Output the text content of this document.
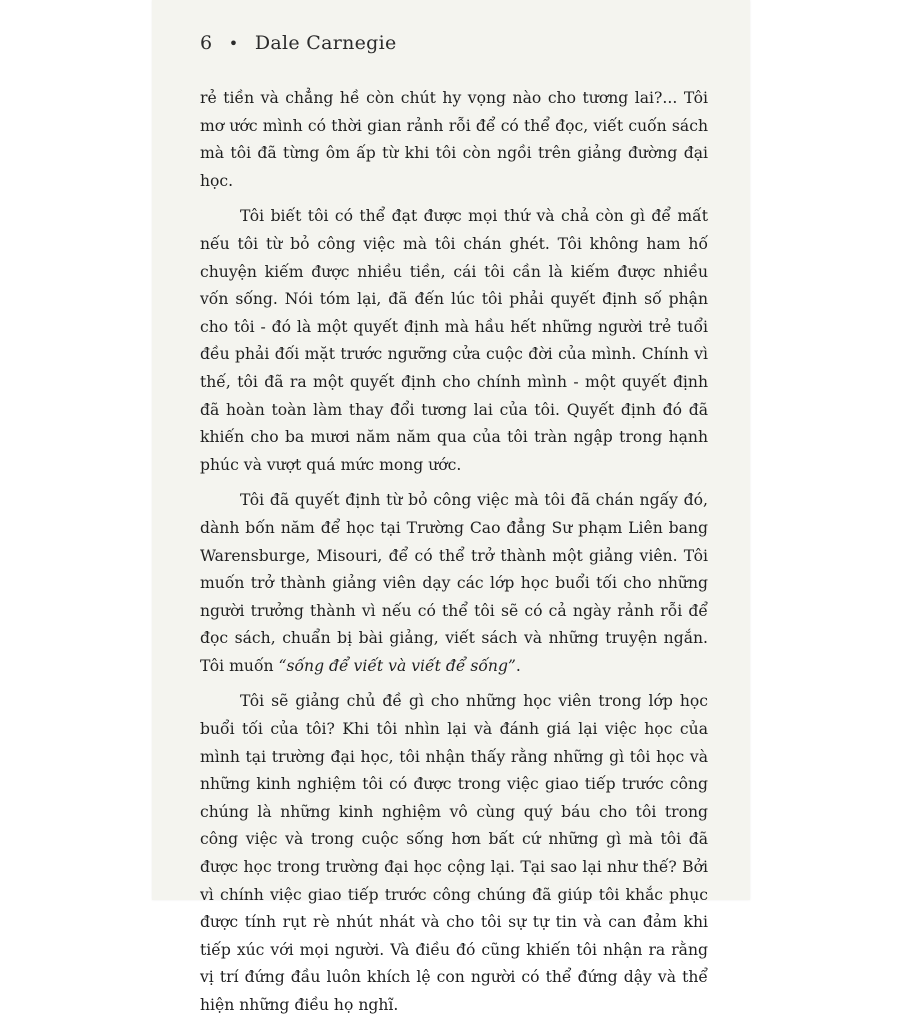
6 • Dale Carnegie

rẻ tiền và chẳng hề còn chút hy vọng nào cho tương lai?... Tôi mơ ước mình có thời gian rảnh rỗi để có thể đọc, viết cuốn sách mà tôi đã từng ôm ấp từ khi tôi còn ngồi trên giảng đường đại học.

Tôi biết tôi có thể đạt được mọi thứ và chả còn gì để mất nếu tôi từ bỏ công việc mà tôi chán ghét. Tôi không ham hố chuyện kiếm được nhiều tiền, cái tôi cần là kiếm được nhiều vốn sống. Nói tóm lại, đã đến lúc tôi phải quyết định số phận cho tôi - đó là một quyết định mà hầu hết những người trẻ tuổi đều phải đối mặt trước ngưỡng cửa cuộc đời của mình. Chính vì thế, tôi đã ra một quyết định cho chính mình - một quyết định đã hoàn toàn làm thay đổi tương lai của tôi. Quyết định đó đã khiến cho ba mươi năm năm qua của tôi tràn ngập trong hạnh phúc và vượt quá mức mong ước.

Tôi đã quyết định từ bỏ công việc mà tôi đã chán ngấy đó, dành bốn năm để học tại Trường Cao đẳng Sư phạm Liên bang Warensburge, Misouri, để có thể trở thành một giảng viên. Tôi muốn trở thành giảng viên dạy các lớp học buổi tối cho những người trưởng thành vì nếu có thể tôi sẽ có cả ngày rảnh rỗi để đọc sách, chuẩn bị bài giảng, viết sách và những truyện ngắn. Tôi muốn “sống để viết và viết để sống”.

Tôi sẽ giảng chủ đề gì cho những học viên trong lớp học buổi tối của tôi? Khi tôi nhìn lại và đánh giá lại việc học của mình tại trường đại học, tôi nhận thấy rằng những gì tôi học và những kinh nghiệm tôi có được trong việc giao tiếp trước công chúng là những kinh nghiệm vô cùng quý báu cho tôi trong công việc và trong cuộc sống hơn bất cứ những gì mà tôi đã được học trong trường đại học cộng lại. Tại sao lại như thế? Bởi vì chính việc giao tiếp trước công chúng đã giúp tôi khắc phục được tính rụt rè nhút nhát và cho tôi sự tự tin và can đảm khi tiếp xúc với mọi người. Và điều đó cũng khiến tôi nhận ra rằng vị trí đứng đầu luôn khích lệ con người có thể đứng dậy và thể hiện những điều họ nghĩ.
